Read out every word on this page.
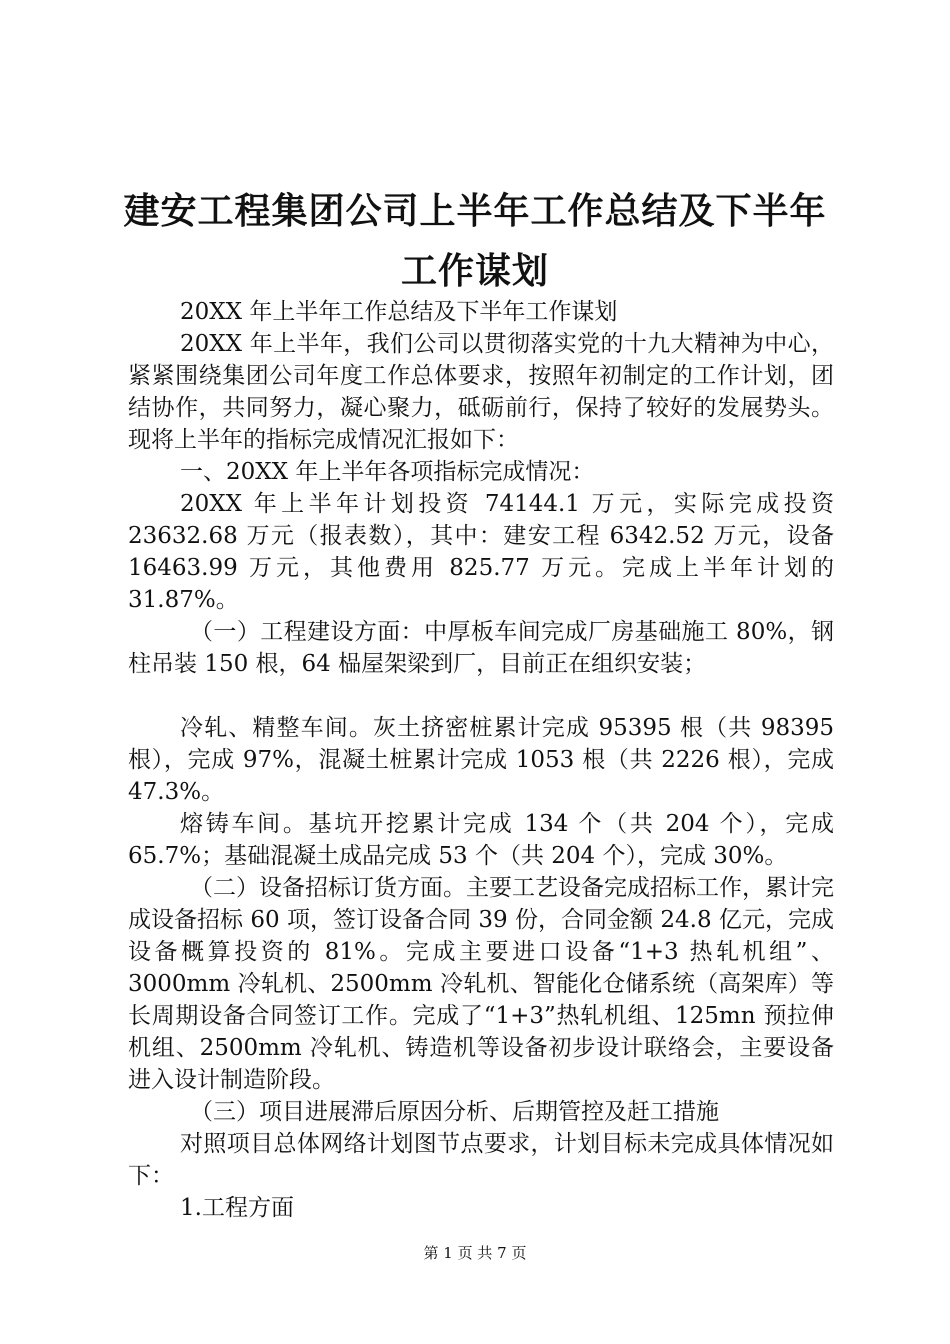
建安工程集团公司上半年工作总结及下半年工作谋划

20XX 年上半年工作总结及下半年工作谋划

20XX 年上半年，我们公司以贯彻落实党的十九大精神为中心，紧紧围绕集团公司年度工作总体要求，按照年初制定的工作计划，团结协作，共同努力，凝心聚力，砥砺前行，保持了较好的发展势头。现将上半年的指标完成情况汇报如下：

一、20XX 年上半年各项指标完成情况：

20XX 年上半年计划投资 74144.1 万元，实际完成投资 23632.68 万元（报表数），其中：建安工程 6342.52 万元，设备 16463.99 万元，其他费用 825.77 万元。完成上半年计划的 31.87%。

（一）工程建设方面：中厚板车间完成厂房基础施工 80%，钢柱吊装 150 根，64 榀屋架梁到厂，目前正在组织安装；

冷轧、精整车间。灰土挤密桩累计完成 95395 根（共 98395 根），完成 97%，混凝土桩累计完成 1053 根（共 2226 根），完成 47.3%。

熔铸车间。基坑开挖累计完成 134 个（共 204 个），完成 65.7%；基础混凝土成品完成 53 个（共 204 个），完成 30%。

（二）设备招标订货方面。主要工艺设备完成招标工作，累计完成设备招标 60 项，签订设备合同 39 份，合同金额 24.8 亿元，完成设备概算投资的 81%。完成主要进口设备“1+3 热轧机组”、3000mm 冷轧机、2500mm 冷轧机、智能化仓储系统（高架库）等长周期设备合同签订工作。完成了“1+3”热轧机组、125mn 预拉伸机组、2500mm 冷轧机、铸造机等设备初步设计联络会，主要设备进入设计制造阶段。

（三）项目进展滞后原因分析、后期管控及赶工措施

对照项目总体网络计划图节点要求，计划目标未完成具体情况如下：

1.工程方面

第 1 页 共 7 页
